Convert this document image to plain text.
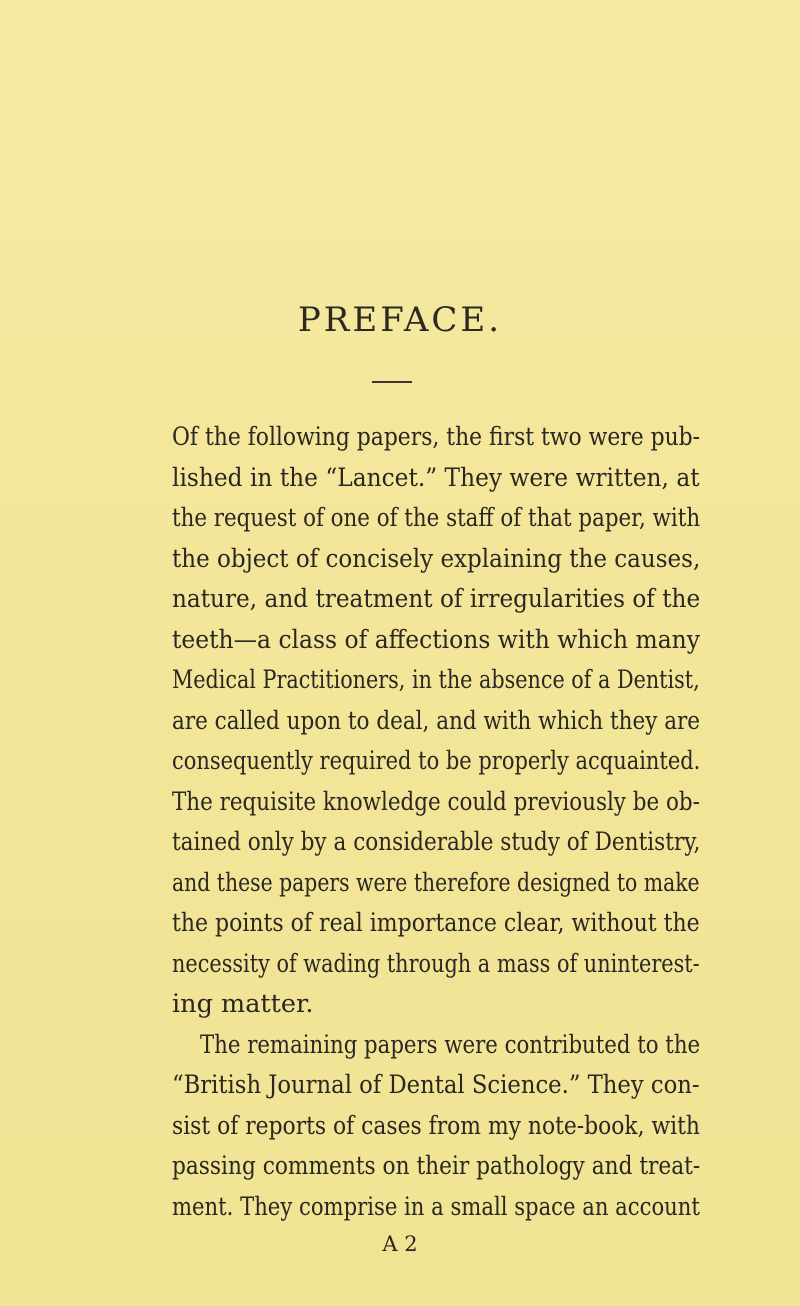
PREFACE.
Of the following papers, the first two were pub-
lished in the “Lancet.” They were written, at
the request of one of the staff of that paper, with
the object of concisely explaining the causes,
nature, and treatment of irregularities of the
teeth—a class of affections with which many
Medical Practitioners, in the absence of a Dentist,
are called upon to deal, and with which they are
consequently required to be properly acquainted.
The requisite knowledge could previously be ob-
tained only by a considerable study of Dentistry,
and these papers were therefore designed to make
the points of real importance clear, without the
necessity of wading through a mass of uninterest-
ing matter.
The remaining papers were contributed to the
“British Journal of Dental Science.” They con-
sist of reports of cases from my note-book, with
passing comments on their pathology and treat-
ment. They comprise in a small space an account
A 2
